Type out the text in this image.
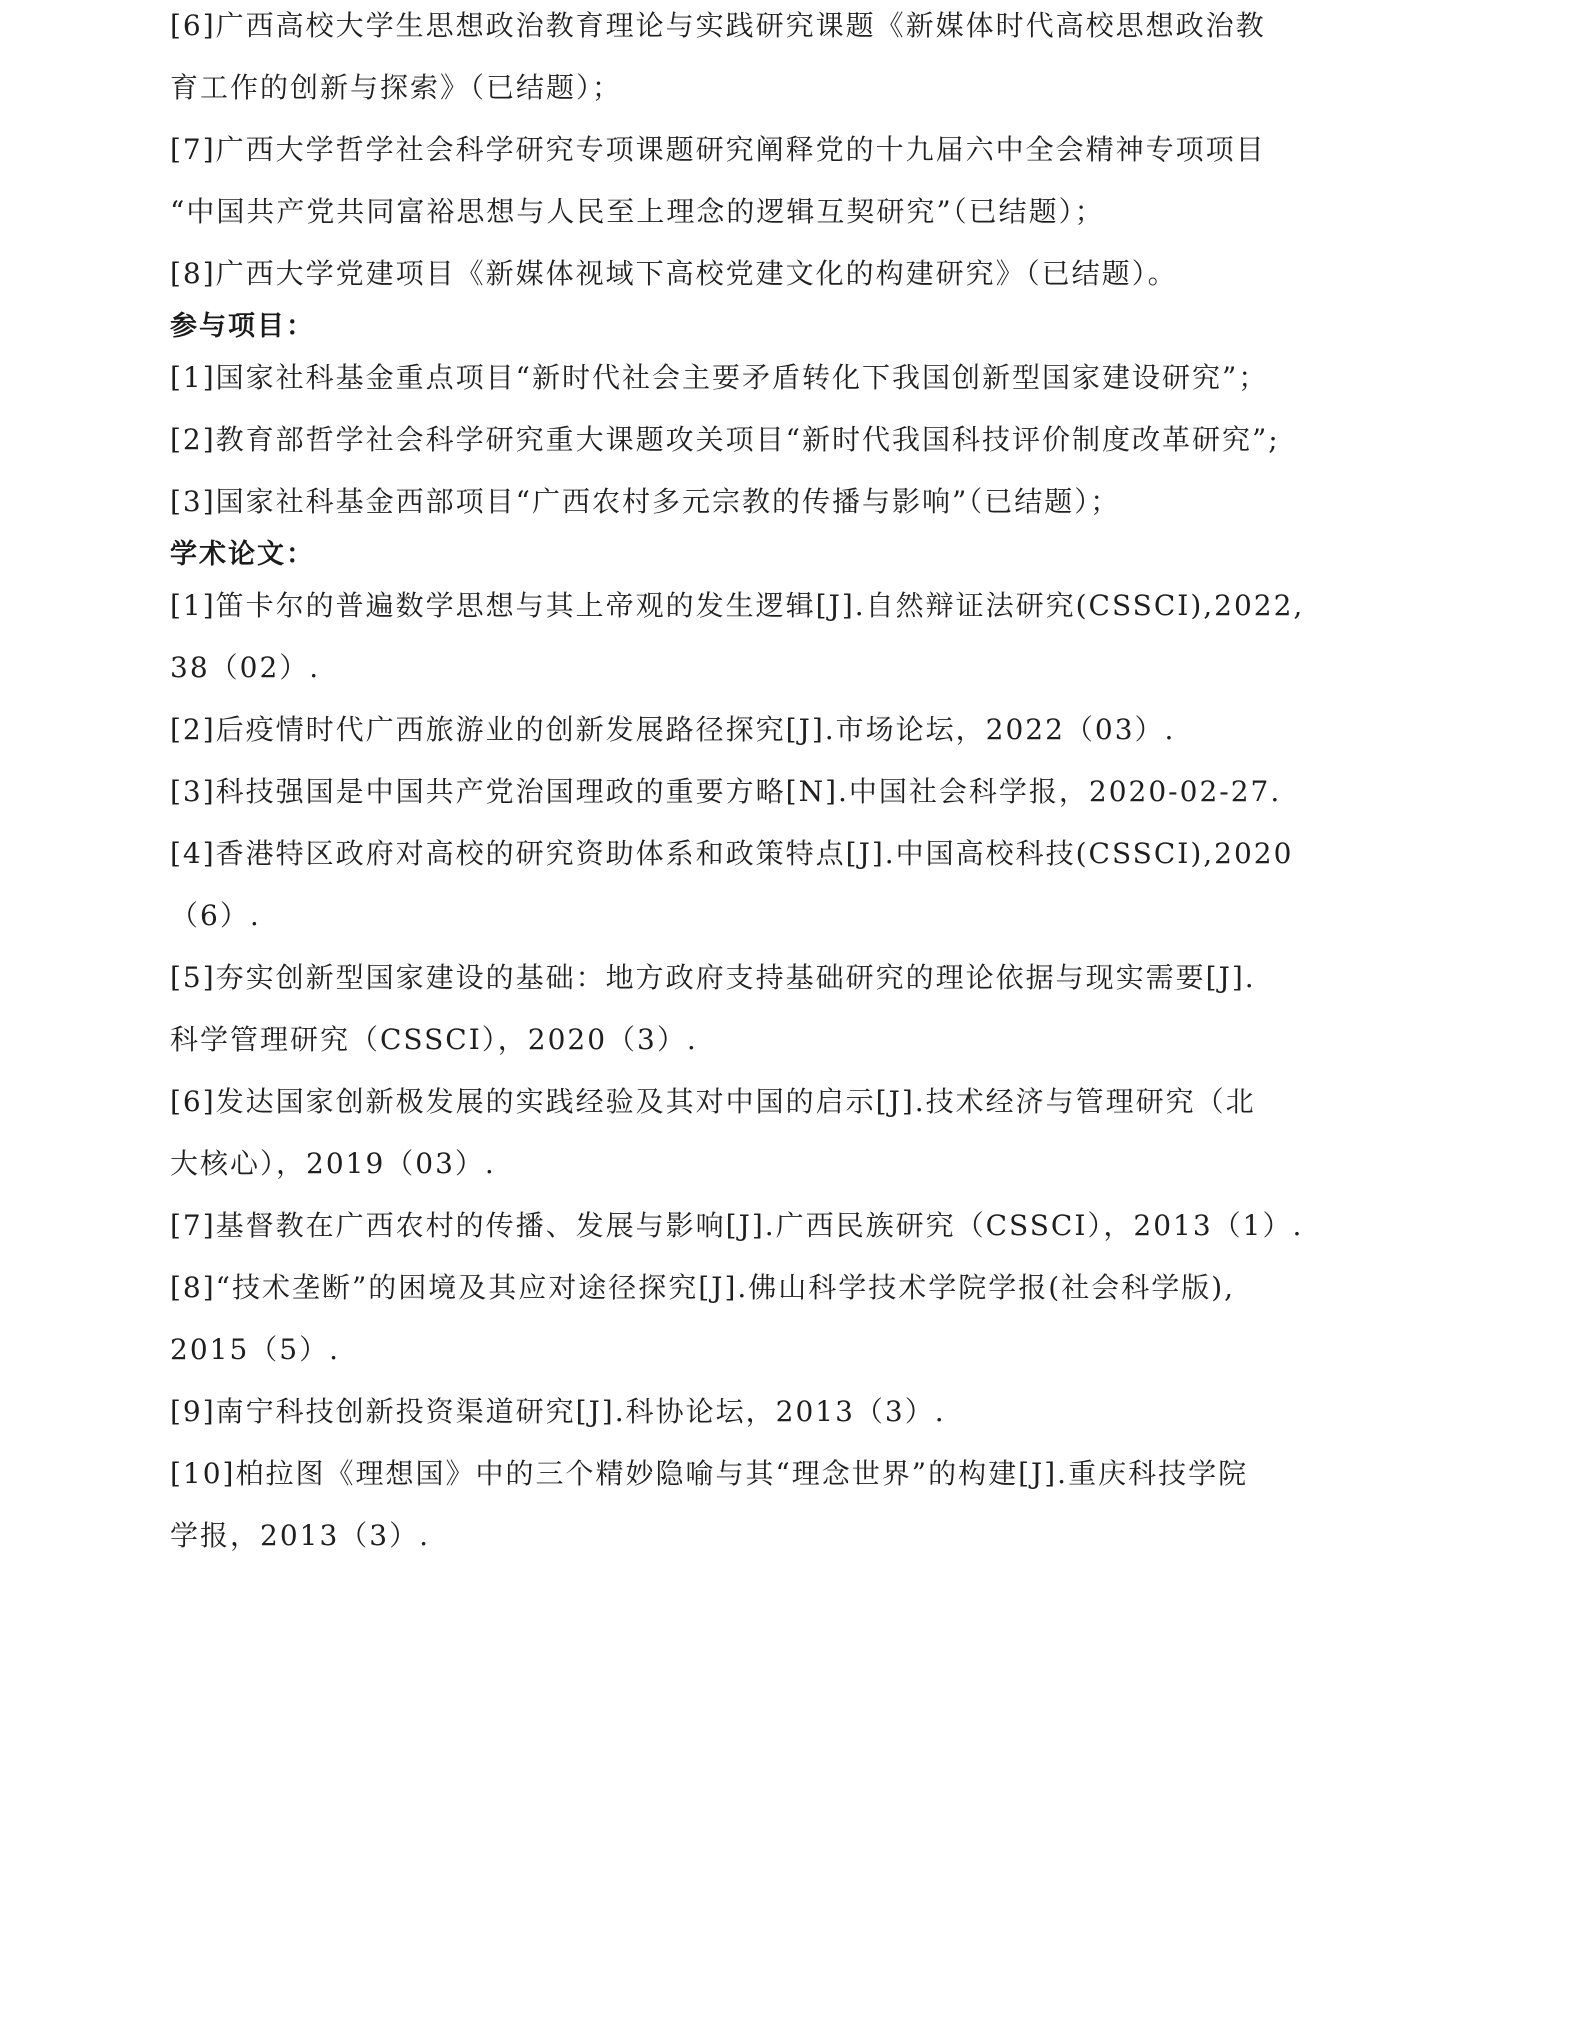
[6]广西高校大学生思想政治教育理论与实践研究课题《新媒体时代高校思想政治教
育工作的创新与探索》（已结题）；
[7]广西大学哲学社会科学研究专项课题研究阐释党的十九届六中全会精神专项项目
“中国共产党共同富裕思想与人民至上理念的逻辑互契研究”（已结题）；
[8]广西大学党建项目《新媒体视域下高校党建文化的构建研究》（已结题）。
参与项目：
[1]国家社科基金重点项目“新时代社会主要矛盾转化下我国创新型国家建设研究”；
[2]教育部哲学社会科学研究重大课题攻关项目“新时代我国科技评价制度改革研究”;
[3]国家社科基金西部项目“广西农村多元宗教的传播与影响”（已结题）；
学术论文：
[1]笛卡尔的普遍数学思想与其上帝观的发生逻辑[J].自然辩证法研究(CSSCI),2022,
38（02）.
[2]后疫情时代广西旅游业的创新发展路径探究[J].市场论坛，2022（03）.
[3]科技强国是中国共产党治国理政的重要方略[N].中国社会科学报，2020-02-27.
[4]香港特区政府对高校的研究资助体系和政策特点[J].中国高校科技(CSSCI),2020
（6）.
[5]夯实创新型国家建设的基础：地方政府支持基础研究的理论依据与现实需要[J].
科学管理研究（CSSCI），2020（3）.
[6]发达国家创新极发展的实践经验及其对中国的启示[J].技术经济与管理研究（北
大核心），2019（03）.
[7]基督教在广西农村的传播、发展与影响[J].广西民族研究（CSSCI），2013（1）.
[8]“技术垄断”的困境及其应对途径探究[J].佛山科学技术学院学报(社会科学版),
2015（5）.
[9]南宁科技创新投资渠道研究[J].科协论坛，2013（3）.
[10]柏拉图《理想国》中的三个精妙隐喻与其“理念世界”的构建[J].重庆科技学院
学报，2013（3）.
